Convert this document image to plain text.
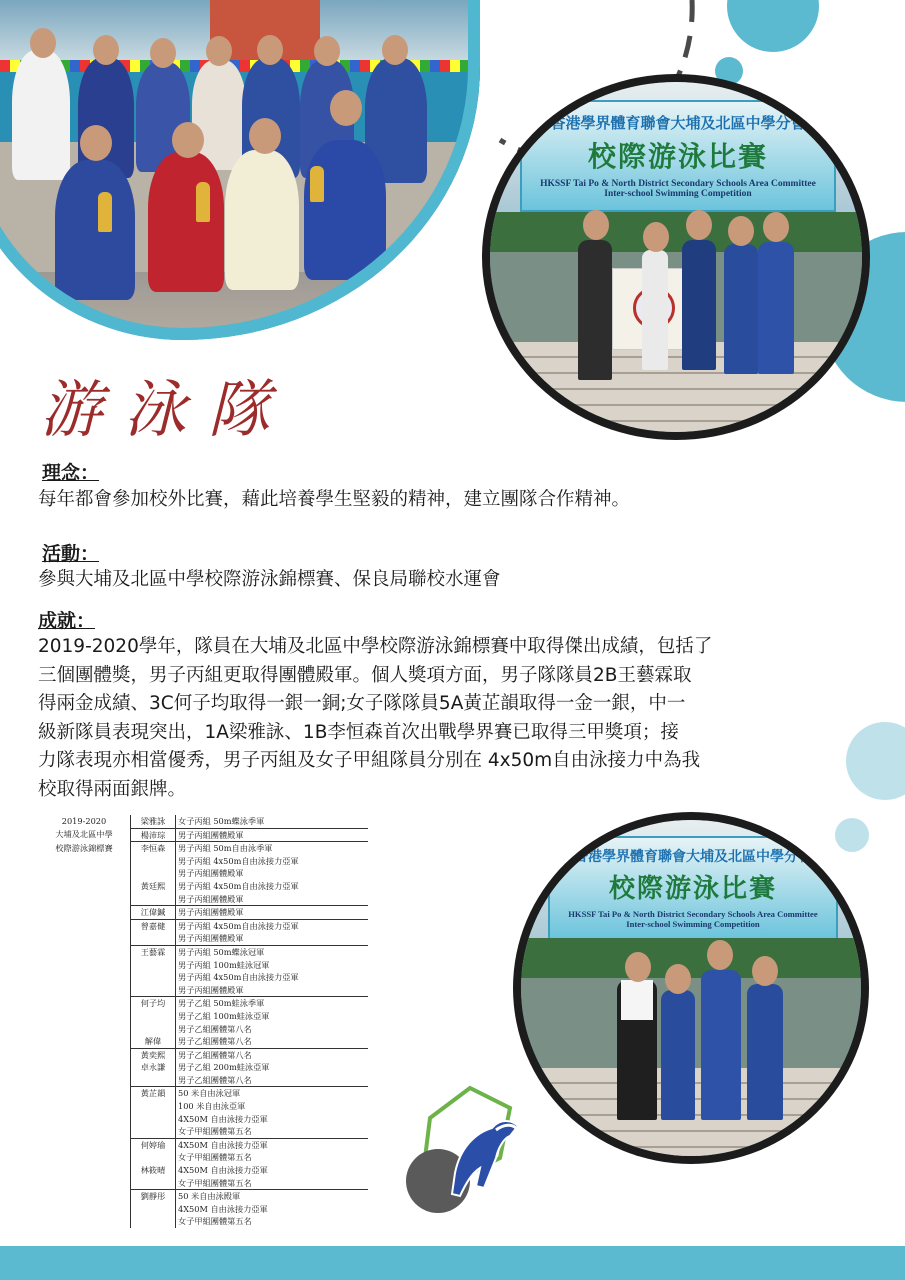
香港學界體育聯會大埔及北區中學分會
校際游泳比賽
HKSSF Tai Po & North District Secondary Schools Area Committee
Inter-school Swimming Competition
游泳隊
理念：
每年都會參加校外比賽，藉此培養學生堅毅的精神，建立團隊合作精神。
活動：
參與大埔及北區中學校際游泳錦標賽、保良局聯校水運會
成就：
2019-2020學年，隊員在大埔及北區中學校際游泳錦標賽中取得傑出成績，包括了
三個團體獎，男子丙組更取得團體殿軍。個人獎項方面，男子隊隊員2B王藝霖取
得兩金成績、3C何子均取得一銀一銅;女子隊隊員5A黃芷韻取得一金一銀，中一
級新隊員表現突出，1A梁雅詠、1B李恒森首次出戰學界賽已取得三甲獎項；接
力隊表現亦相當優秀，男子丙組及女子甲組隊員分別在 4x50m自由泳接力中為我
校取得兩面銀牌。
2019-2020	梁雅詠	女子丙組 50m蝶泳季軍
大埔及北區中學	楊沛琮	男子丙組團體殿軍
校際游泳錦標賽	李恒森	男子丙組 50m自由泳季軍
		男子丙組 4x50m自由泳接力亞軍
		男子丙組團體殿軍
	黃廷熙	男子丙組 4x50m自由泳接力亞軍
		男子丙組團體殿軍
	江偉鍼	男子丙組團體殿軍
	曾嘉健	男子丙組 4x50m自由泳接力亞軍
		男子丙組團體殿軍
	王藝霖	男子丙組 50m蝶泳冠軍
		男子丙組 100m蛙泳冠軍
		男子丙組 4x50m自由泳接力亞軍
		男子丙組團體殿軍
	何子均	男子乙組 50m蛙泳季軍
		男子乙組 100m蛙泳亞軍
		男子乙組團體第八名
	解偉	男子乙組團體第八名
	黃奕熙	男子乙組團體第八名
	卓永謙	男子乙組 200m蛙泳亞軍
		男子乙組團體第八名
	黃芷韻	50 米自由泳冠軍
		100 米自由泳亞軍
		4X50M 自由泳接力亞軍
		女子甲組團體第五名
	何婷瑜	4X50M 自由泳接力亞軍
		女子甲組團體第五名
	林筱晴	4X50M 自由泳接力亞軍
		女子甲組團體第五名
	劉靜彤	50 米自由泳殿軍
		4X50M 自由泳接力亞軍
		女子甲組團體第五名
香港學界體育聯會大埔及北區中學分會
校際游泳比賽
HKSSF Tai Po & North District Secondary Schools Area Committee
Inter-school Swimming Competition
